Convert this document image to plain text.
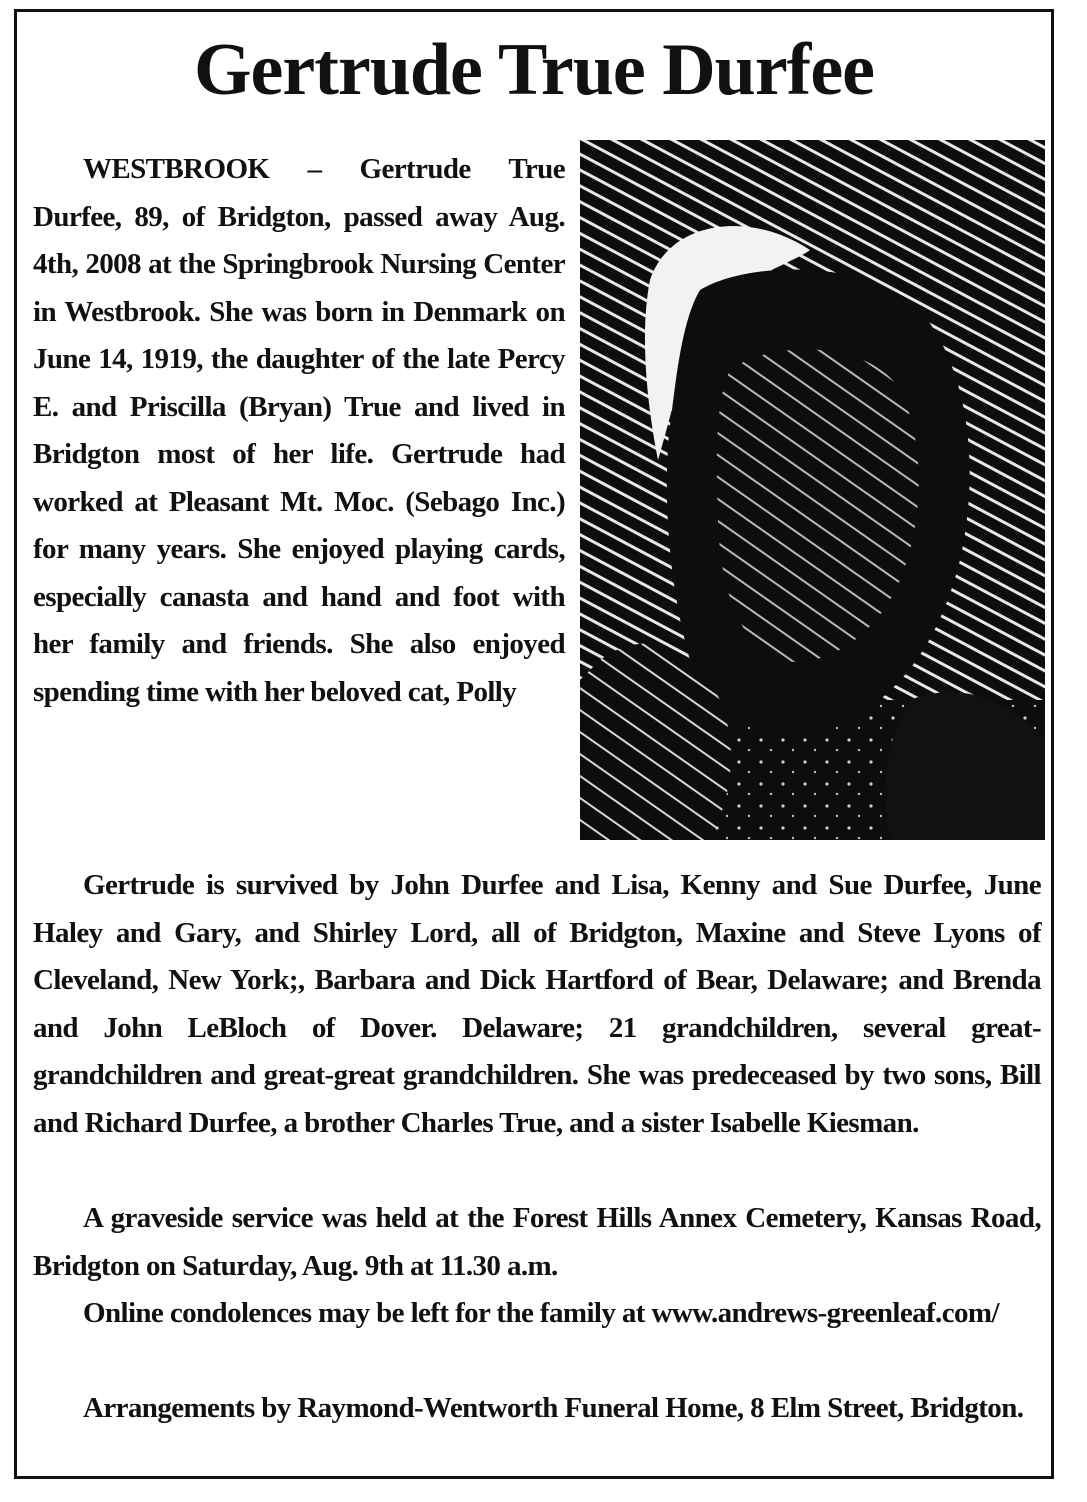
Gertrude True Durfee

WESTBROOK – Gertrude True Durfee, 89, of Bridgton, passed away Aug. 4th, 2008 at the Springbrook Nursing Center in Westbrook. She was born in Denmark on June 14, 1919, the daughter of the late Percy E. and Priscilla (Bryan) True and lived in Bridgton most of her life. Gertrude had worked at Pleasant Mt. Moc. (Sebago Inc.) for many years. She enjoyed playing cards, especially canasta and hand and foot with her family and friends. She also enjoyed spending time with her beloved cat, Polly

Gertrude is survived by John Durfee and Lisa, Kenny and Sue Durfee, June Haley and Gary, and Shirley Lord, all of Bridgton, Maxine and Steve Lyons of Cleveland, New York;, Barbara and Dick Hartford of Bear, Delaware; and Brenda and John LeBloch of Dover. Delaware; 21 grandchildren, several great-grandchildren and great-great grandchildren. She was predeceased by two sons, Bill and Richard Durfee, a brother Charles True, and a sister Isabelle Kiesman.

A graveside service was held at the Forest Hills Annex Cemetery, Kansas Road, Bridgton on Saturday, Aug. 9th at 11.30 a.m.

Online condolences may be left for the family at www.andrews-greenleaf.com/

Arrangements by Raymond-Wentworth Funeral Home, 8 Elm Street, Bridgton.
